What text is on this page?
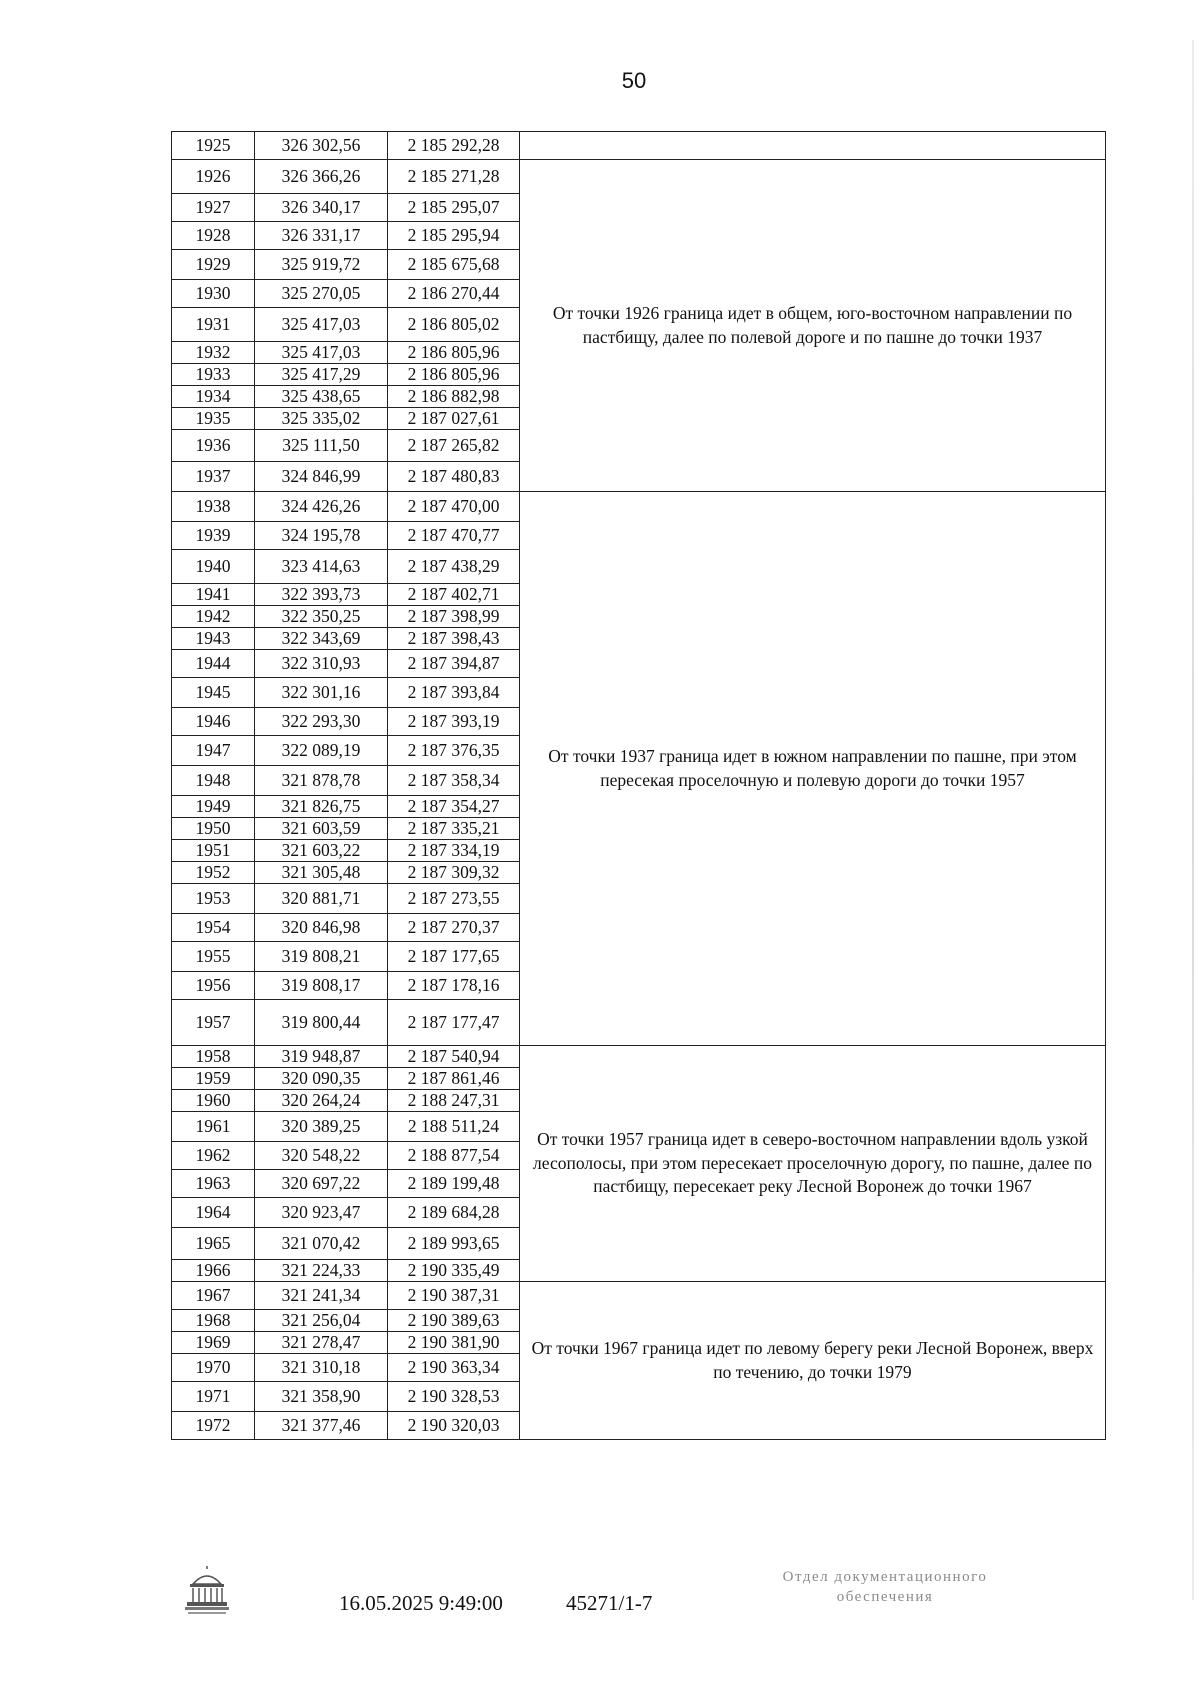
50
1925	326 302,56	2 185 292,28	
1926	326 366,26	2 185 271,28	От точки 1926 граница идет в общем, юго-восточном направлении по пастбищу, далее по полевой дороге и по пашне до точки 1937
1927	326 340,17	2 185 295,07	
1928	326 331,17	2 185 295,94	
1929	325 919,72	2 185 675,68	
1930	325 270,05	2 186 270,44	
1931	325 417,03	2 186 805,02	
1932	325 417,03	2 186 805,96	
1933	325 417,29	2 186 805,96	
1934	325 438,65	2 186 882,98	
1935	325 335,02	2 187 027,61	
1936	325 111,50	2 187 265,82	
1937	324 846,99	2 187 480,83	
1938	324 426,26	2 187 470,00	От точки 1937 граница идет в южном направлении по пашне, при этом пересекая проселочную и полевую дороги до точки 1957
1939	324 195,78	2 187 470,77	
1940	323 414,63	2 187 438,29	
1941	322 393,73	2 187 402,71	
1942	322 350,25	2 187 398,99	
1943	322 343,69	2 187 398,43	
1944	322 310,93	2 187 394,87	
1945	322 301,16	2 187 393,84	
1946	322 293,30	2 187 393,19	
1947	322 089,19	2 187 376,35	
1948	321 878,78	2 187 358,34	
1949	321 826,75	2 187 354,27	
1950	321 603,59	2 187 335,21	
1951	321 603,22	2 187 334,19	
1952	321 305,48	2 187 309,32	
1953	320 881,71	2 187 273,55	
1954	320 846,98	2 187 270,37	
1955	319 808,21	2 187 177,65	
1956	319 808,17	2 187 178,16	
1957	319 800,44	2 187 177,47	
1958	319 948,87	2 187 540,94	От точки 1957 граница идет в северо-восточном направлении вдоль узкой лесополосы, при этом пересекает проселочную дорогу, по пашне, далее по пастбищу, пересекает реку Лесной Воронеж до точки 1967
1959	320 090,35	2 187 861,46	
1960	320 264,24	2 188 247,31	
1961	320 389,25	2 188 511,24	
1962	320 548,22	2 188 877,54	
1963	320 697,22	2 189 199,48	
1964	320 923,47	2 189 684,28	
1965	321 070,42	2 189 993,65	
1966	321 224,33	2 190 335,49	
1967	321 241,34	2 190 387,31	От точки 1967 граница идет по левому берегу реки Лесной Воронеж, вверх по течению, до точки 1979
1968	321 256,04	2 190 389,63	
1969	321 278,47	2 190 381,90	
1970	321 310,18	2 190 363,34	
1971	321 358,90	2 190 328,53	
1972	321 377,46	2 190 320,03	
16.05.2025 9:49:00	45271/1-7
Отдел документационного
обеспечения
